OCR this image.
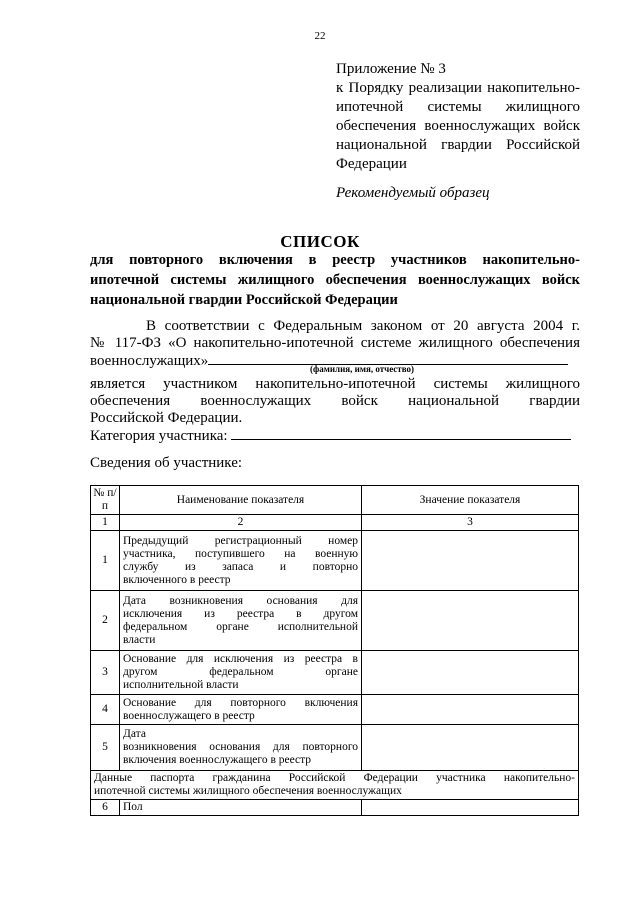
22
Приложение № 3
к Порядку реализации накопительно-
ипотечной системы жилищного
обеспечения военнослужащих войск
национальной гвардии Российской
Федерации
Рекомендуемый образец
СПИСОК
для повторного включения в реестр участников накопительно-
ипотечной системы жилищного обеспечения военнослужащих войск
национальной гвардии Российской Федерации
В соответствии с Федеральным законом от 20 августа 2004 г.
№ 117-ФЗ «О накопительно-ипотечной системе жилищного обеспечения
военнослужащих»	(фамилия, имя, отчество)
является участником накопительно-ипотечной системы жилищного
обеспечения военнослужащих войск национальной гвардии
Российской Федерации.
Категория участника:
Сведения об участнике:
№ п/п	Наименование показателя	Значение показателя
1	2	3
1	Предыдущий регистрационный номер
участника, поступившего на военную
службу из запаса и повторно
включенного в реестр	

2	Дата возникновения основания для
исключения из реестра в другом
федеральном органе исполнительной
власти	

3	Основание для исключения из реестра в
другом федеральном органе
исполнительной власти	

4	Основание для повторного включения
военнослужащего в реестр	

5	Дата
возникновения основания для повторного
включения военнослужащего в реестр	

Данные паспорта гражданина Российской Федерации участника накопительно-
ипотечной системы жилищного обеспечения военнослужащих		

6	Пол	
